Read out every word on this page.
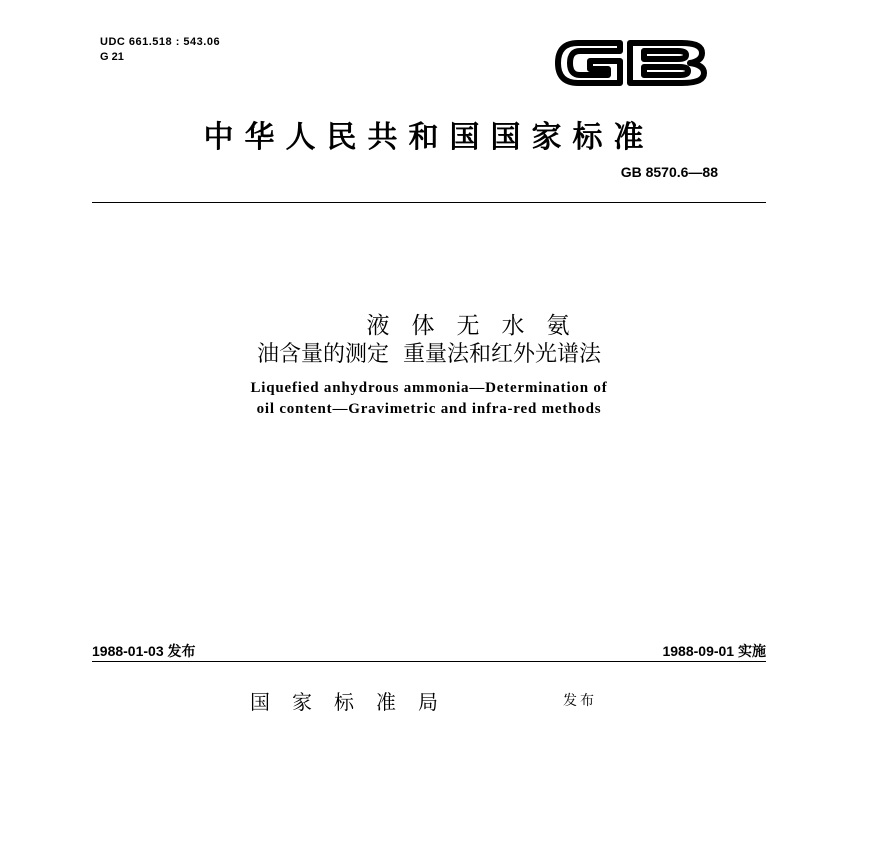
UDC 661.518 : 543.06
G 21
GB
中华人民共和国国家标准
GB 8570.6—88
液体无水氨
油含量的测定  重量法和红外光谱法
Liquefied anhydrous ammonia—Determination of
oil content—Gravimetric and infra-red methods
1988-01-03 发布	1988-09-01 实施
国家标准局	发布
